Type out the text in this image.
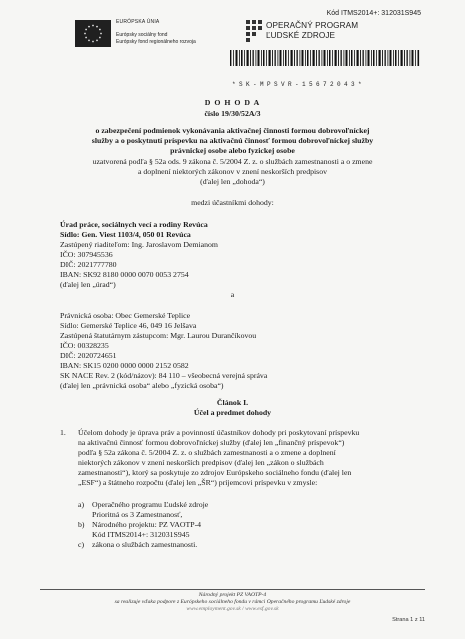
EURÓPSKA ÚNIA
Európsky sociálny fond
Európsky fond regionálneho rozvoja
Kód ITMS2014+: 312031S945
OPERAČNÝ PROGRAM
ĽUDSKÉ ZDROJE
*SK-MPSVR-15672043*
D O H O D A
číslo 19/30/52A/3
o zabezpečení podmienok vykonávania aktivačnej činnosti formou dobrovoľníckej
služby a o poskytnutí príspevku na aktivačnú činnosť formou dobrovoľníckej služby
právnickej osobe alebo fyzickej osobe
uzatvorená podľa § 52a ods. 9 zákona č. 5/2004 Z. z. o službách zamestnanosti a o zmene
a doplnení niektorých zákonov v znení neskorších predpisov
(ďalej len „dohoda“)
medzi účastníkmi dohody:
Úrad práce, sociálnych vecí a rodiny Revúca
Sídlo: Gen. Viest 1103/4, 050 01 Revúca
Zastúpený riaditeľom: Ing. Jaroslavom Demianom
IČO: 307945536
DIČ: 2021777780
IBAN: SK92 8180 0000 0070 0053 2754
(ďalej len „úrad“)
a
Právnická osoba: Obec Gemerské Teplice
Sídlo: Gemerské Teplice 46, 049 16 Jelšava
Zastúpená štatutárnym zástupcom: Mgr. Laurou Durančíkovou
IČO: 00328235
DIČ: 2020724651
IBAN: SK15 0200 0000 0000 2152 0582
SK NACE Rev. 2 (kód/názov): 84 110 – všeobecná verejná správa
(ďalej len „právnická osoba“ alebo „fyzická osoba“)
Článok I.
Účel a predmet dohody
1. Účelom dohody je úprava práv a povinností účastníkov dohody pri poskytovaní príspevku
na aktivačnú činnosť formou dobrovoľníckej služby (ďalej len „finančný príspevok“)
podľa § 52a zákona č. 5/2004 Z. z. o službách zamestnanosti a o zmene a doplnení
niektorých zákonov v znení neskorších predpisov (ďalej len „zákon o službách
zamestnanosti“), ktorý sa poskytuje zo zdrojov Európskeho sociálneho fondu (ďalej len
„ESF“) a štátneho rozpočtu (ďalej len „ŠR“) príjemcovi príspevku v zmysle:
a) Operačného programu Ľudské zdroje
Prioritná os 3 Zamestnanosť,
b) Národného projektu: PZ VAOTP-4
Kód ITMS2014+: 312031S945
c) zákona o službách zamestnanosti.
Národný projekt PZ VAOTP-4
sa realizuje vďaka podpore z Európskeho sociálneho fondu v rámci Operačného programu Ľudské zdroje
www.employment.gov.sk / www.esf.gov.sk
Strana 1 z 11
